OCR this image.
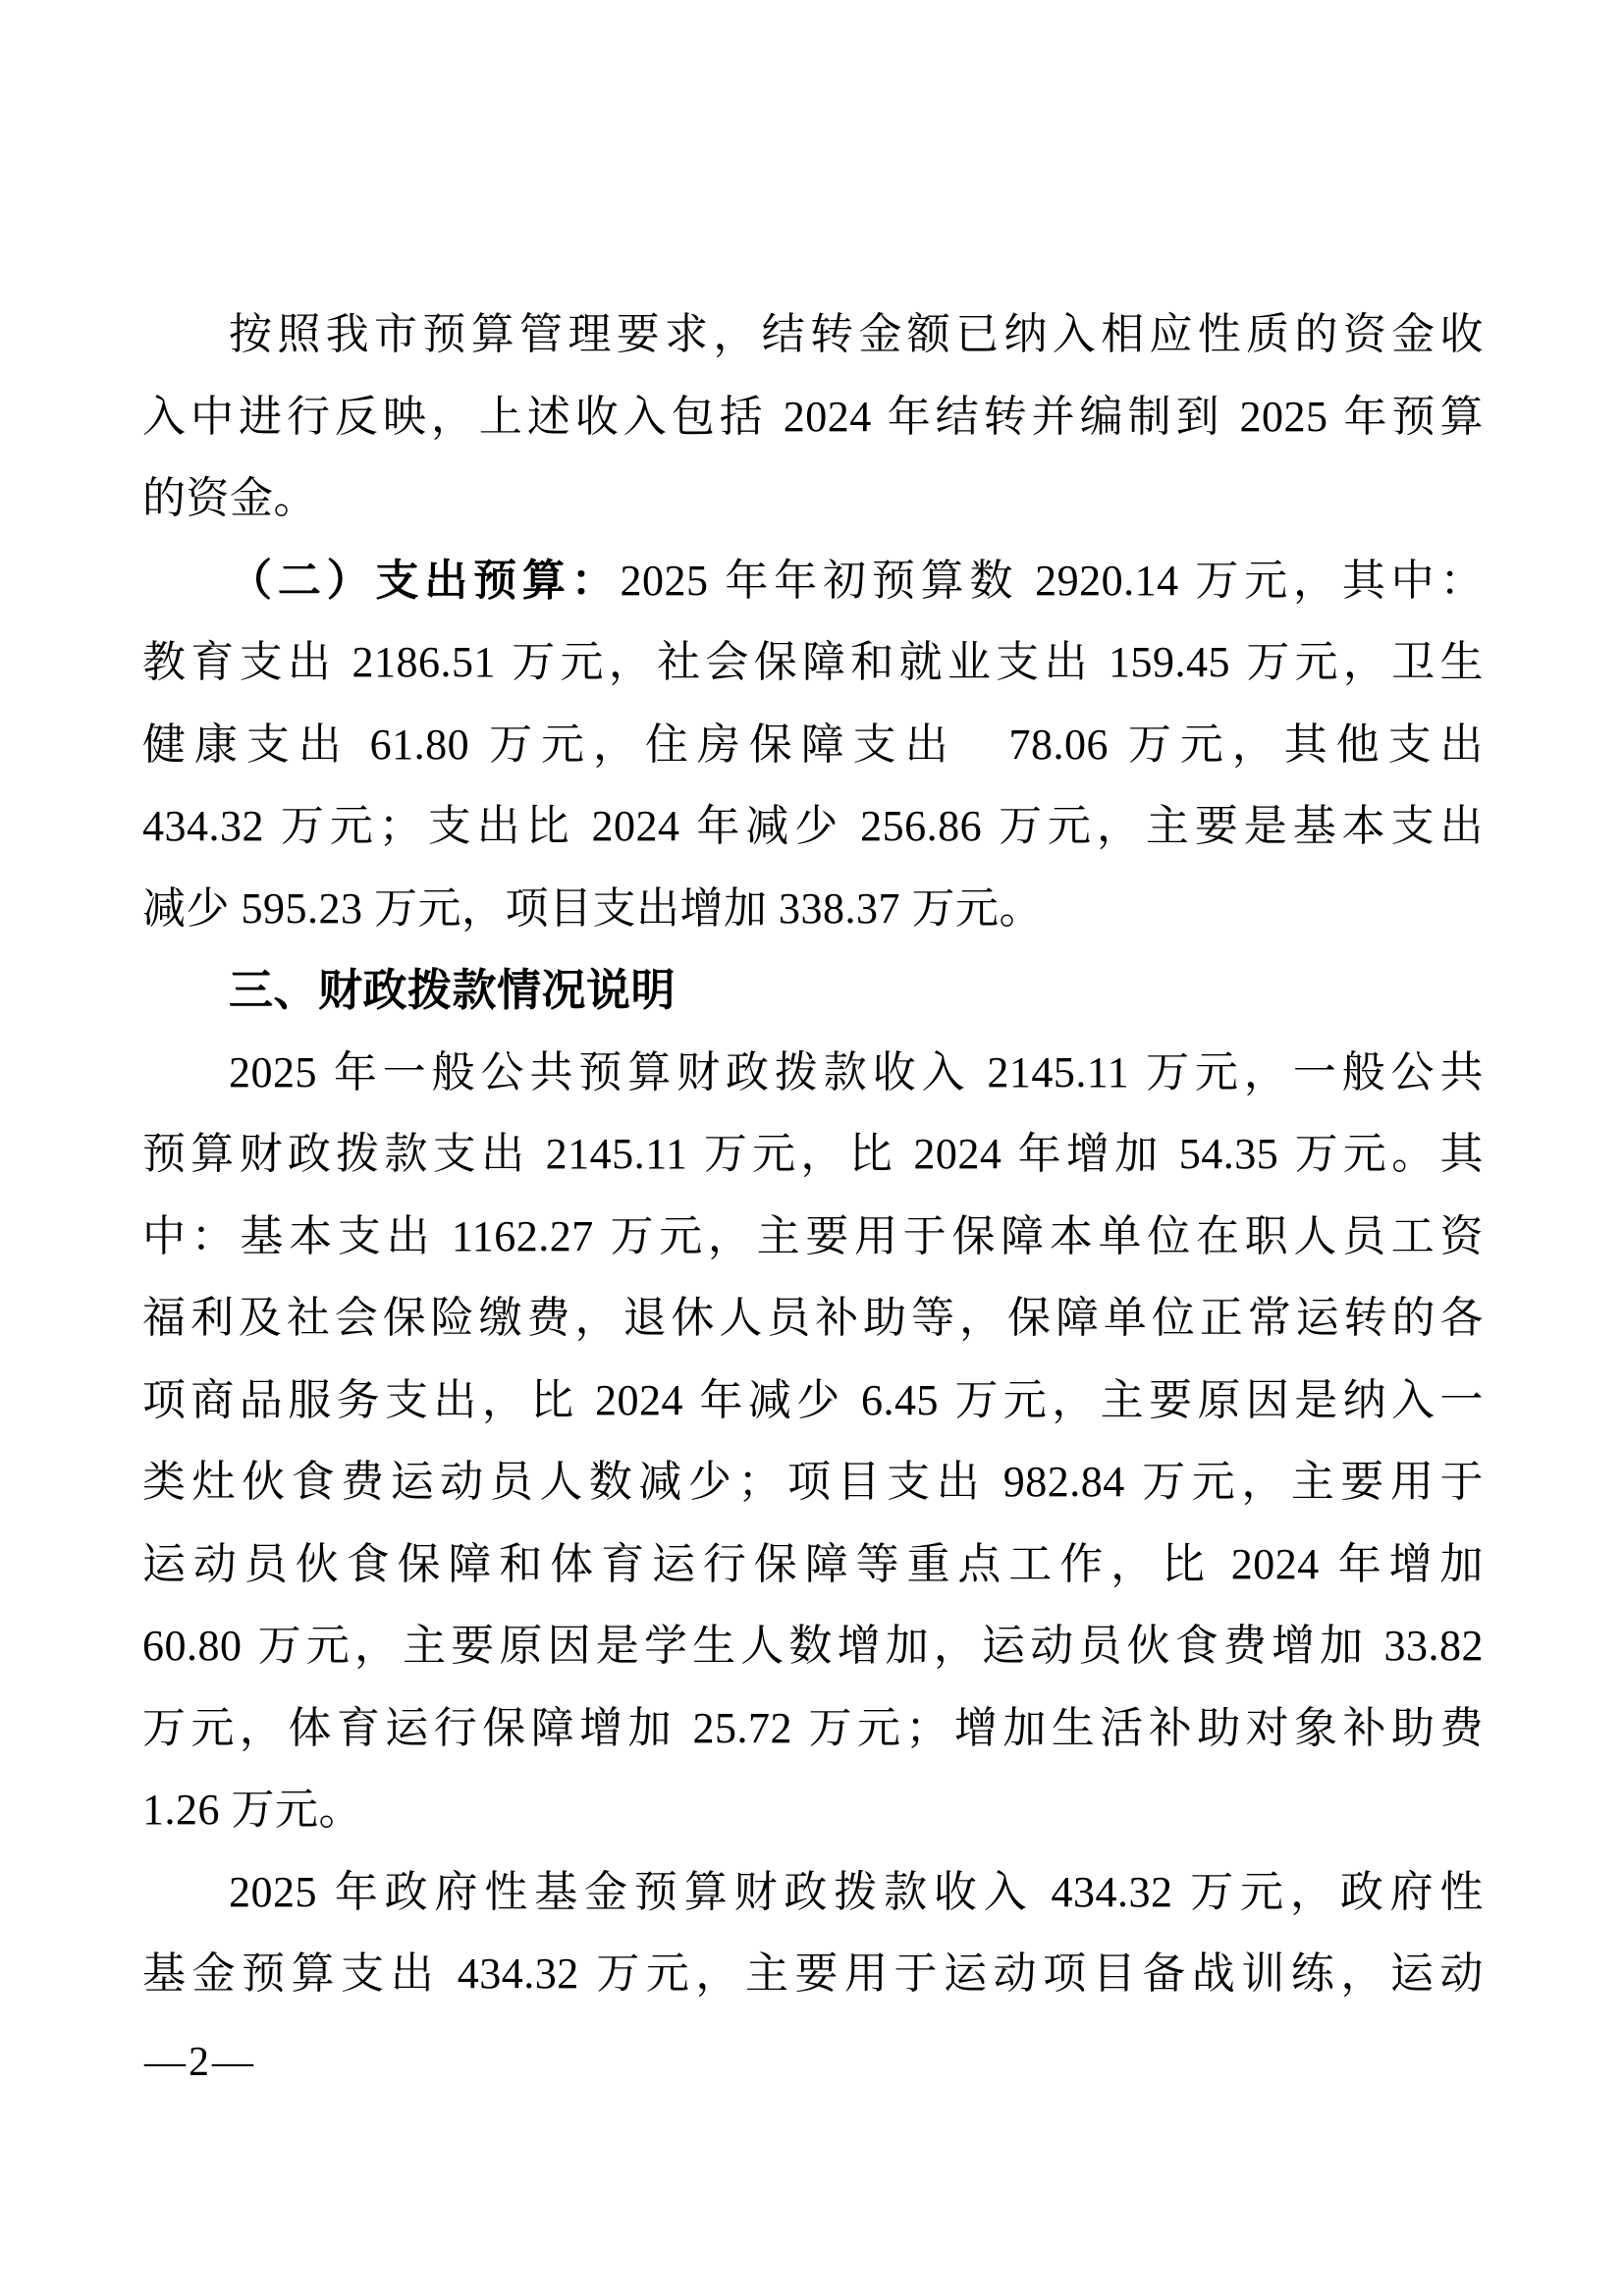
按照我市预算管理要求，结转金额已纳入相应性质的资金收
入中进行反映，上述收入包括 2024 年结转并编制到 2025 年预算
的资金。
（二）支出预算：2025 年年初预算数 2920.14 万元，其中：
教育支出 2186.51 万元，社会保障和就业支出 159.45 万元，卫生
健康支出 61.80 万元，住房保障支出　78.06 万元，其他支出
434.32 万元；支出比 2024 年减少 256.86 万元，主要是基本支出
减少 595.23 万元，项目支出增加 338.37 万元。
三、财政拨款情况说明
2025 年一般公共预算财政拨款收入 2145.11 万元，一般公共
预算财政拨款支出 2145.11 万元，比 2024 年增加 54.35 万元。其
中：基本支出 1162.27 万元，主要用于保障本单位在职人员工资
福利及社会保险缴费，退休人员补助等，保障单位正常运转的各
项商品服务支出，比 2024 年减少 6.45 万元，主要原因是纳入一
类灶伙食费运动员人数减少；项目支出 982.84 万元，主要用于
运动员伙食保障和体育运行保障等重点工作，比 2024 年增加
60.80 万元，主要原因是学生人数增加，运动员伙食费增加 33.82
万元，体育运行保障增加 25.72 万元；增加生活补助对象补助费
1.26 万元。
2025 年政府性基金预算财政拨款收入 434.32 万元，政府性
基金预算支出 434.32 万元，主要用于运动项目备战训练，运动
—2—
